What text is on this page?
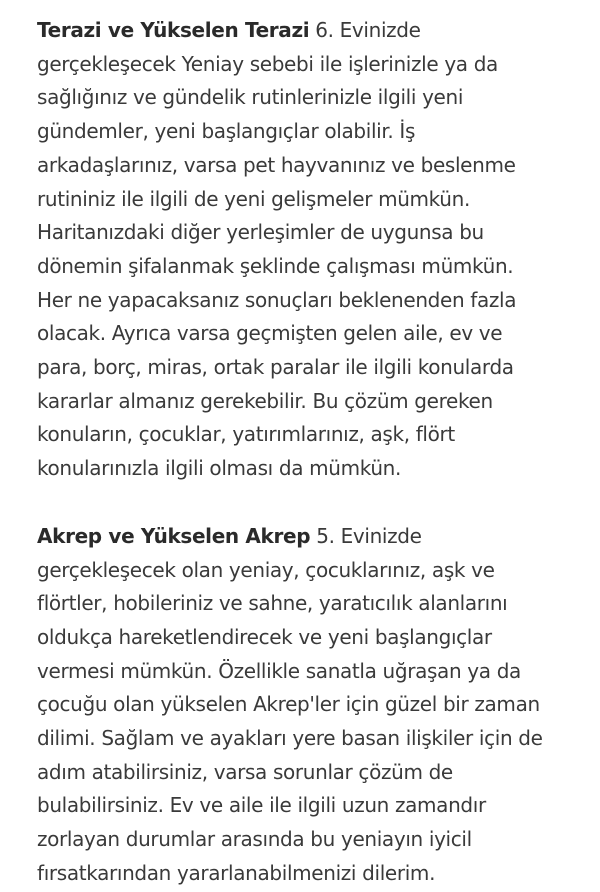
Terazi ve Yükselen Terazi 6. Evinizde
gerçekleşecek Yeniay sebebi ile işlerinizle ya da
sağlığınız ve gündelik rutinlerinizle ilgili yeni
gündemler, yeni başlangıçlar olabilir. İş
arkadaşlarınız, varsa pet hayvanınız ve beslenme
rutininiz ile ilgili de yeni gelişmeler mümkün.
Haritanızdaki diğer yerleşimler de uygunsa bu
dönemin şifalanmak şeklinde çalışması mümkün.
Her ne yapacaksanız sonuçları beklenenden fazla
olacak. Ayrıca varsa geçmişten gelen aile, ev ve
para, borç, miras, ortak paralar ile ilgili konularda
kararlar almanız gerekebilir. Bu çözüm gereken
konuların, çocuklar, yatırımlarınız, aşk, flört
konularınızla ilgili olması da mümkün.
Akrep ve Yükselen Akrep 5. Evinizde
gerçekleşecek olan yeniay, çocuklarınız, aşk ve
flörtler, hobileriniz ve sahne, yaratıcılık alanlarını
oldukça hareketlendirecek ve yeni başlangıçlar
vermesi mümkün. Özellikle sanatla uğraşan ya da
çocuğu olan yükselen Akrep'ler için güzel bir zaman
dilimi. Sağlam ve ayakları yere basan ilişkiler için de
adım atabilirsiniz, varsa sorunlar çözüm de
bulabilirsiniz. Ev ve aile ile ilgili uzun zamandır
zorlayan durumlar arasında bu yeniayın iyicil
fırsatkarından yararlanabilmenizi dilerim.
